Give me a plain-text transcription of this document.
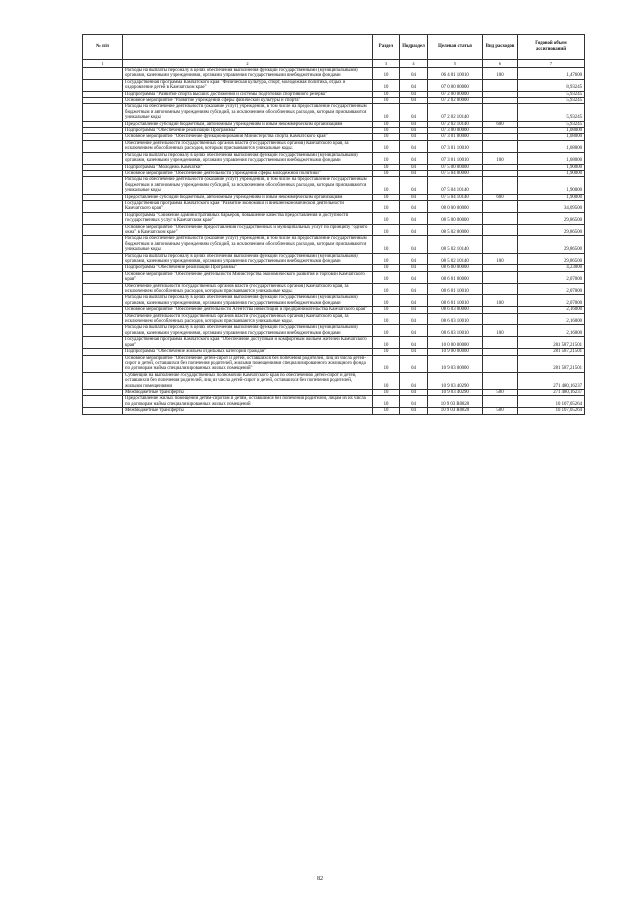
№ п/п		Раздел	Подраздел	Целевая статья	Вид расходов	Годовой объем ассигнований
1	2	3	4	5	6	7
	Расходы на выплаты персоналу в целях обеспечения выполнения функций государственными (муниципальными) органами, казенными учреждениями, органами управления государственными внебюджетными фондами	10	04	06 4 01 10010	100	1,47600
	Государственная программа Камчатского края "Физическая культура, спорт, молодежная политика, отдых и оздоровление детей в Камчатском крае"	10	04	07 0 00 00000		8,93245
	Подпрограмма "Развитие спорта высших достижений и системы подготовки спортивного резерва"	10	04	07 2 00 00000		5,93245
	Основное мероприятие "Развитие учреждений сферы физической культуры и спорта"	10	04	07 2 02 00000		5,93245
	Расходы на обеспечение деятельности (оказание услуг) учреждений, в том числе на предоставление государственным бюджетным и автономным учреждениям субсидий, за исключением обособленных расходов, которым присваиваются уникальные коды	10	04	07 2 02 10140		5,93245
	Предоставление субсидий бюджетным, автономным учреждениям и иным некоммерческим организациям	10	04	07 2 02 10140	600	5,93245
	Подпрограмма "Обеспечение реализации Программы"	10	04	07 3 00 00000		1,08000
	Основное мероприятие "Обеспечение функционирования Министерства спорта Камчатского края"	10	04	07 3 01 00000		1,08000
	Обеспечение деятельности государственных органов власти (государственных органов) Камчатского края, за исключением обособленных расходов, которым присваиваются уникальные коды.	10	04	07 3 01 10010		1,08000
	Расходы на выплаты персоналу в целях обеспечения выполнения функций государственными (муниципальными) органами, казенными учреждениями, органами управления государственными внебюджетными фондами	10	04	07 3 01 10010	100	1,08000
	Подпрограмма "Молодежь Камчатки"	10	04	07 5 00 00000		1,90000
	Основное мероприятие "Обеспечение деятельности учреждений сферы молодежной политики"	10	04	07 5 04 00000		1,90000
	Расходы на обеспечение деятельности (оказание услуг) учреждений, в том числе на предоставление государственным бюджетным и автономным учреждениям субсидий, за исключением обособленных расходов, которым присваиваются уникальные коды	10	04	07 5 04 10140		1,90000
	Предоставление субсидий бюджетным, автономным учреждениям и иным некоммерческим организациям	10	04	07 5 04 10140	600	1,90000
	Государственная программа Камчатского края "Развитие экономики и внешнеэкономической деятельности Камчатского края"	10	04	08 0 00 00000		34,09500
	Подпрограмма "Снижение административных барьеров, повышение качества предоставления и доступности государственных услуг в Камчатском крае"	10	04	08 5 00 00000		29,86500
	Основное мероприятие "Обеспечение предоставления государственных и муниципальных услуг по принципу "одного окна" в Камчатском крае"	10	04	08 5 02 00000		29,86500
	Расходы на обеспечение деятельности (оказание услуг) учреждений, в том числе на предоставление государственным бюджетным и автономным учреждениям субсидий, за исключением обособленных расходов, которым присваиваются уникальные коды	10	04	08 5 02 10140		29,86500
	Расходы на выплаты персоналу в целях обеспечения выполнения функций государственными (муниципальными) органами, казенными учреждениями, органами управления государственными внебюджетными фондами	10	04	08 5 02 10140	100	29,86500
	Подпрограмма "Обеспечение реализации Программы"	10	04	08 6 00 00000		4,23000
	Основное мероприятие "Обеспечение деятельности Министерства экономического развития и торговли Камчатского края"	10	04	08 6 01 00000		2,07000
	Обеспечение деятельности государственных органов власти (государственных органов) Камчатского края, за исключением обособленных расходов, которым присваиваются уникальные коды.	10	04	08 6 01 10010		2,07000
	Расходы на выплаты персоналу в целях обеспечения выполнения функций государственными (муниципальными) органами, казенными учреждениями, органами управления государственными внебюджетными фондами	10	04	08 6 01 10010	100	2,07000
	Основное мероприятие "Обеспечение деятельности Агентства инвестиций и предпринимательства Камчатского края"	10	04	08 6 03 00000		2,16000
	Обеспечение деятельности государственных органов власти (государственных органов) Камчатского края, за исключением обособленных расходов, которым присваиваются уникальные коды.	10	04	08 6 03 10010		2,16000
	Расходы на выплаты персоналу в целях обеспечения выполнения функций государственными (муниципальными) органами, казенными учреждениями, органами управления государственными внебюджетными фондами	10	04	08 6 03 10010	100	2,16000
	Государственная программа Камчатского края "Обеспечение доступным и комфортным жильем жителей Камчатского края"	10	04	10 0 00 00000		281 587,21501
	Подпрограмма "Обеспечение жильем отдельных категорий граждан"	10	04	10 9 00 00000		281 587,21501
	Основное мероприятие "Обеспечение детей-сирот и детей, оставшихся без попечения родителей, лиц из числа детей-сирот и детей, оставшихся без попечения родителей, жилыми помещениями специализированного жилищного фонда по договорам найма специализированных жилых помещений"	10	04	10 9 03 00000		281 587,21501
	Субвенции на выполнение государственных полномочий Камчатского края по обеспечению детей-сирот и детей, оставшихся без попечения родителей, лиц из числа детей-сирот и детей, оставшихся без попечения родителей, жилыми помещениями	10	04	10 9 03 40290		271 480,16237
	Межбюджетные трансферты	10	04	10 9 03 40290	500	271 480,16237
	Предоставление жилых помещений детям-сиротам и детям, оставшимся без попечения родителей, лицам из их числа по договорам найма специализированных жилых помещений	10	04	10 9 03 R0820		10 107,05264
	Межбюджетные трансферты	10	04	10 9 03 R0820	500	10 107,05264
82
